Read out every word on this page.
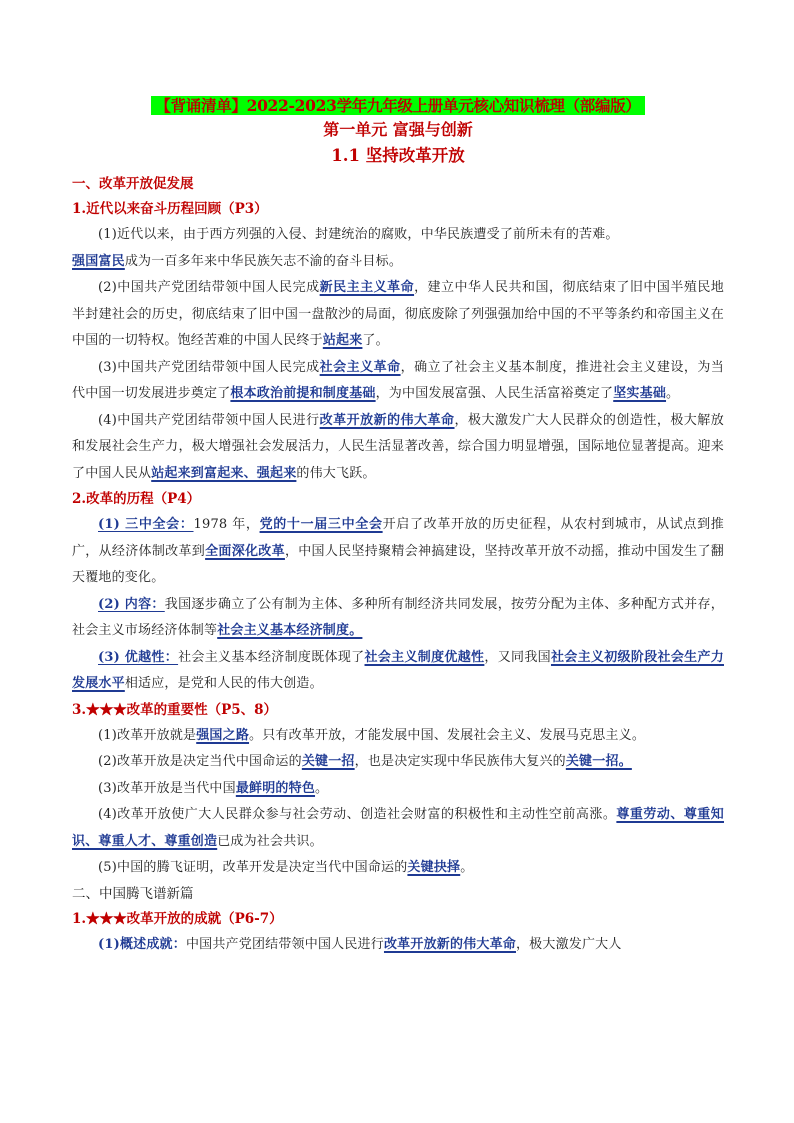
【背诵清单】2022-2023学年九年级上册单元核心知识梳理（部编版）

第一单元 富强与创新

1.1 坚持改革开放

一、改革开放促发展

1.近代以来奋斗历程回顾（P3）

(1)近代以来，由于西方列强的入侵、封建统治的腐败，中华民族遭受了前所未有的苦难。
强国富民成为一百多年来中华民族矢志不渝的奋斗目标。

(2)中国共产党团结带领中国人民完成新民主主义革命，建立中华人民共和国，彻底结束了旧中国半殖民地半封建社会的历史，彻底结束了旧中国一盘散沙的局面，彻底废除了列强强加给中国的不平等条约和帝国主义在中国的一切特权。饱经苦难的中国人民终于站起来了。

(3)中国共产党团结带领中国人民完成社会主义革命，确立了社会主义基本制度，推进社会主义建设，为当代中国一切发展进步奠定了根本政治前提和制度基础，为中国发展富强、人民生活富裕奠定了坚实基础。

(4)中国共产党团结带领中国人民进行改革开放新的伟大革命，极大激发广大人民群众的创造性，极大解放和发展社会生产力，极大增强社会发展活力，人民生活显著改善，综合国力明显增强，国际地位显著提高。迎来了中国人民从站起来到富起来、强起来的伟大飞跃。

2.改革的历程（P4）

(1) 三中全会：1978 年，党的十一届三中全会开启了改革开放的历史征程，从农村到城市，从试点到推广，从经济体制改革到全面深化改革，中国人民坚持聚精会神搞建设，坚持改革开放不动摇，推动中国发生了翻天覆地的变化。

(2) 内容：我国逐步确立了公有制为主体、多种所有制经济共同发展，按劳分配为主体、多种配方式并存，社会主义市场经济体制等社会主义基本经济制度。

(3) 优越性：社会主义基本经济制度既体现了社会主义制度优越性，又同我国社会主义初级阶段社会生产力发展水平相适应，是党和人民的伟大创造。

3.★★★改革的重要性（P5、8）

(1)改革开放就是强国之路。只有改革开放，才能发展中国、发展社会主义、发展马克思主义。

(2)改革开放是决定当代中国命运的关键一招，也是决定实现中华民族伟大复兴的关键一招。

(3)改革开放是当代中国最鲜明的特色。

(4)改革开放使广大人民群众参与社会劳动、创造社会财富的积极性和主动性空前高涨。尊重劳动、尊重知识、尊重人才、尊重创造已成为社会共识。

(5)中国的腾飞证明，改革开发是决定当代中国命运的关键抉择。

二、中国腾飞谱新篇

1.★★★改革开放的成就（P6-7）

(1)概述成就：中国共产党团结带领中国人民进行改革开放新的伟大革命，极大激发广大人
